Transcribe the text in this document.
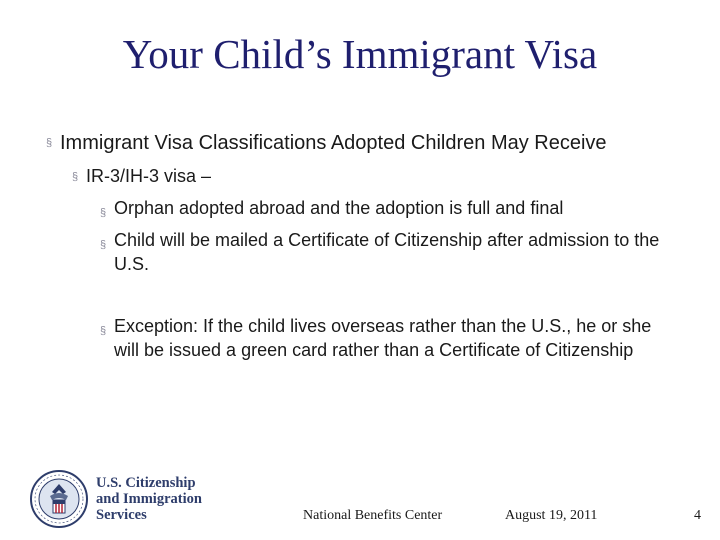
Your Child’s Immigrant Visa
§ Immigrant Visa Classifications Adopted Children May Receive
§ IR-3/IH-3 visa –
§ Orphan adopted abroad and the adoption is full and final
§ Child will be mailed a Certificate of Citizenship after admission to the U.S.
§ Exception: If the child lives overseas rather than the U.S., he or she will be issued a green card rather than a Certificate of Citizenship
U.S. Citizenship
and Immigration
Services	National Benefits Center	August 19, 2011	4
